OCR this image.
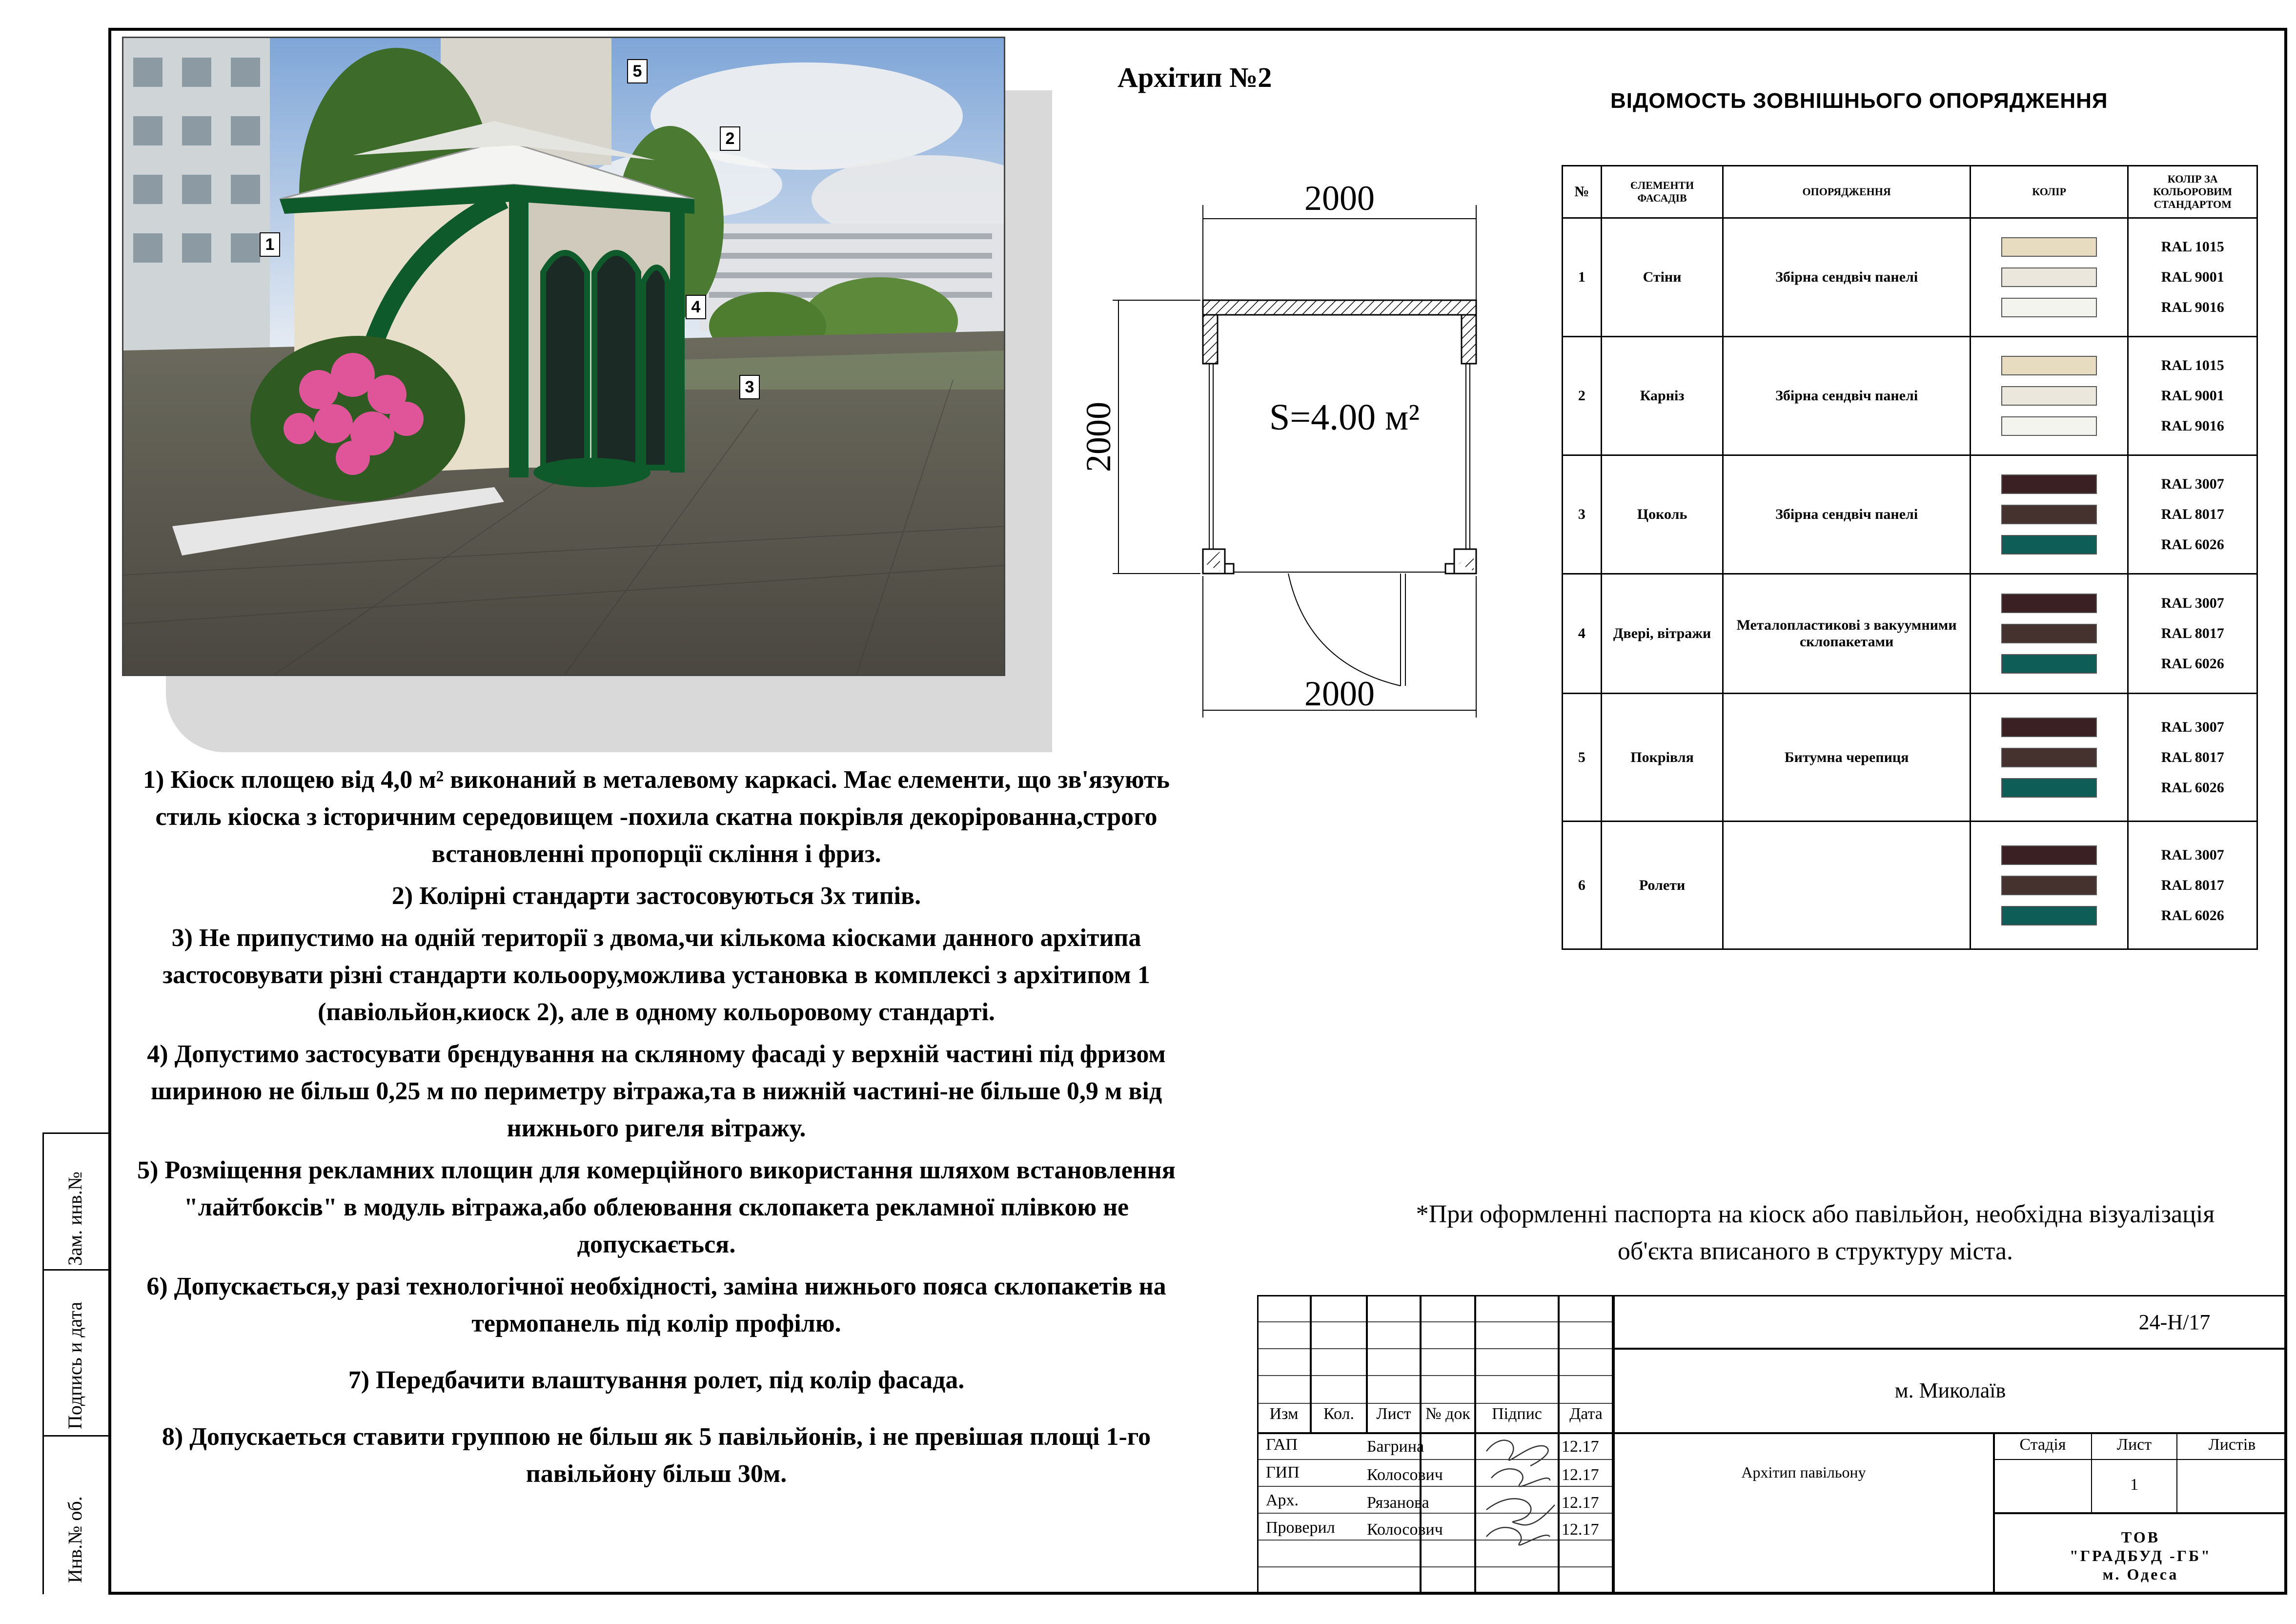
Зам. инв.№
Подпись и дата
Инв.№ об.
5
2
1
4
3
Архітип №2
ВІДОМОСТЬ ЗОВНІШНЬОГО ОПОРЯДЖЕННЯ
2000
2000
2000	S=4.00 м²
№	ЄЛЕМЕНТИ ФАСАДІВ	ОПОРЯДЖЕННЯ	КОЛІР	КОЛІР ЗА КОЛЬОРОВИМ СТАНДАРТОМ
1	Стіни	Збірна сендвіч панелі		RAL 1015
RAL 9001
RAL 9016

2	Карніз	Збірна сендвіч панелі		RAL 1015
RAL 9001
RAL 9016

3	Цоколь	Збірна сендвіч панелі		RAL 3007
RAL 8017
RAL 6026

4	Двері, вітражи	Металопластикові з вакуумними склопакетами		RAL 3007
RAL 8017
RAL 6026

5	Покрівля	Битумна черепиця		RAL 3007
RAL 8017
RAL 6026

6	Ролети			RAL 3007
RAL 8017
RAL 6026

1) Кіоск площею від 4,0 м² виконаний в металевому каркасі. Має елементи, що зв'язують стиль кіоска з історичним середовищем -похила скатна покрівля декорірованна,строго встановленні пропорції скління і фриз.

2) Колірні стандарти застосовуються 3х типів.

3) Не припустимо на одній території з двома,чи кількома кіосками данного архітипа застосовувати різні стандарти кольоору,можлива установка в комплексі з архітипом 1 (павіольйон,киоск 2), але в одному кольоровому стандарті.

4) Допустимо застосувати брєндування на скляному фасаді у верхній частині під фризом шириною не більш 0,25 м по периметру вітража,та в нижній частині-не більше 0,9 м від нижнього ригеля вітражу.

5) Розміщення рекламних площин для комерційного використання шляхом встановлення "лайтбоксів" в модуль вітража,або облеювання склопакета рекламної плівкою не допускається.

6) Допускається,у разі технологічної необхідності, заміна нижнього пояса склопакетів на термопанель під колір профілю.

7) Передбачити влаштування ролет, під колір фасада.

8) Допускаеться ставити группою не більш як 5 павільйонів, і не превішая площі 1-го павільйону більш 30м.

*При оформленні паспорта на кіоск або павільйон, необхідна візуалізація об'єкта вписаного в структуру міста.
24-Н/17
м. Миколаїв
Изм	Кол.	Лист № док	Підпис	Дата
ГАП	Багрина	12.17
ГИП	Колосович	12.17
Арх.	Рязанова	12.17
Проверил Колосович	12.17
Архітип павільону
Стадія	Лист	Листів
1
ТОВ
"ГРАДБУД -ГБ"
м. Одеса
